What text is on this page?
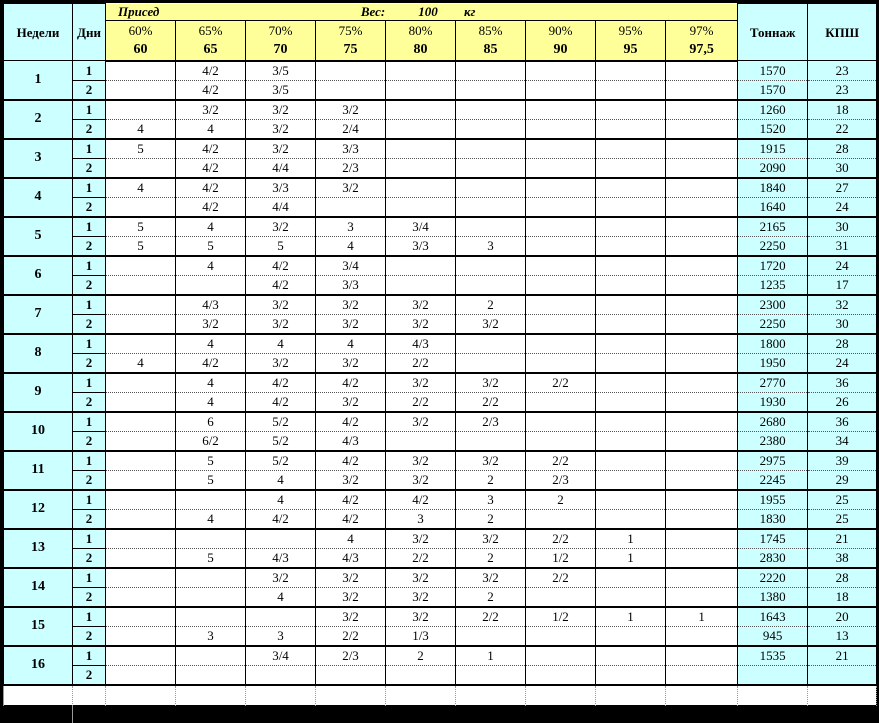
Недели	Дни	Присед Вес: 100 кг									Тоннаж	КПШ
		60%	65%	70%	75%	80%	85%	90%	95%	97%		
		60	65	70	75	80	85	90	95	97,5		
1	1		4/2	3/5							1570	23
	2		4/2	3/5							1570	23
2	1		3/2	3/2	3/2						1260	18
	2	4	4	3/2	2/4						1520	22
3	1	5	4/2	3/2	3/3						1915	28
	2		4/2	4/4	2/3						2090	30
4	1	4	4/2	3/3	3/2						1840	27
	2		4/2	4/4							1640	24
5	1	5	4	3/2	3	3/4					2165	30
	2	5	5	5	4	3/3	3				2250	31
6	1		4	4/2	3/4						1720	24
	2			4/2	3/3						1235	17
7	1		4/3	3/2	3/2	3/2	2				2300	32
	2		3/2	3/2	3/2	3/2	3/2				2250	30
8	1		4	4	4	4/3					1800	28
	2	4	4/2	3/2	3/2	2/2					1950	24
9	1		4	4/2	4/2	3/2	3/2	2/2			2770	36
	2		4	4/2	3/2	2/2	2/2				1930	26
10	1		6	5/2	4/2	3/2	2/3				2680	36
	2		6/2	5/2	4/3						2380	34
11	1		5	5/2	4/2	3/2	3/2	2/2			2975	39
	2		5	4	3/2	3/2	2	2/3			2245	29
12	1			4	4/2	4/2	3	2			1955	25
	2		4	4/2	4/2	3	2				1830	25
13	1				4	3/2	3/2	2/2	1		1745	21
	2		5	4/3	4/3	2/2	2	1/2	1		2830	38
14	1			3/2	3/2	3/2	3/2	2/2			2220	28
	2			4	3/2	3/2	2				1380	18
15	1				3/2	3/2	2/2	1/2	1	1	1643	20
	2		3	3	2/2	1/3					945	13
16	1			3/4	2/3	2	1				1535	21
	2											

	т.е. 3/2, это 2 подхода по 3 повторения.											
